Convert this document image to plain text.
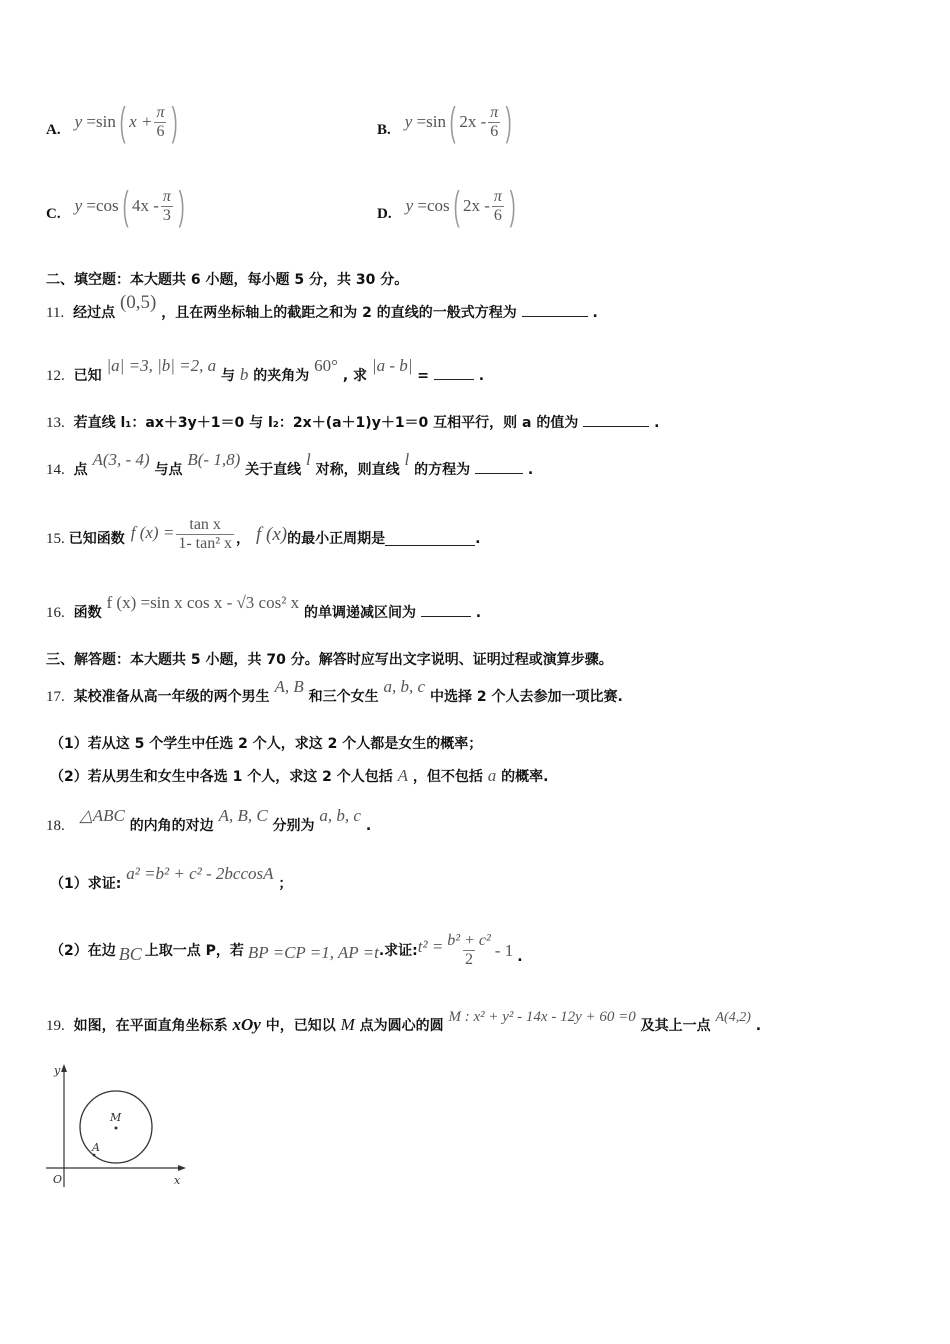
A. y =sin ( $x + \frac{\pi}{6}$ )	B. y =sin ( $2x - \frac{\pi}{6}$ )
C. y =cos ( $4x - \frac{\pi}{3}$ )	D. y =cos ( $2x - \frac{\pi}{6}$ )
二、填空题：本大题共 6 小题，每小题 5 分，共 30 分。
11. 经过点 (0,5) ，且在两坐标轴上的截距之和为 2 的直线的一般式方程为	.
12. 已知 |a| =3, |b| =2, a 与 b 的夹角为 60° , 求 |a - b| =	.
13. 若直线 l₁：ax＋3y＋1＝0 与 l₂：2x＋(a＋1)y＋1＝0 互相平行，则 a 的值为	.
14. 点 A(3, - 4) 与点 B(- 1,8) 关于直线 l 对称，则直线 l 的方程为	.
15. 已知函数 f $(x) = \frac{\text{tan x}}{\text{1- tan² x}}$ ， f (x) 的最小正周期是	.
16. 函数 f (x) =sin x cos x - √3 cos² x 的单调递减区间为	.
三、解答题：本大题共 5 小题，共 70 分。解答时应写出文字说明、证明过程或演算步骤。
17. 某校准备从高一年级的两个男生 A, B 和三个女生 a, b, c 中选择 2 个人去参加一项比赛.
（1）若从这 5 个学生中任选 2 个人，求这 2 个人都是女生的概率；
（2）若从男生和女生中各选 1 个人，求这 2 个人包括 A ，但不包括 a 的概率.
18. △ABC 的内角的对边 A, B, C 分别为 a, b, c .
（1）求证: a² =b² + c² - 2bccosA ；
（2）在边 BC 上取一点 P，若 BP =CP =1, AP =t .求证: $t^2 = \frac{\text{b² + c²}}{2} - 1$ .
19. 如图，在平面直角坐标系 xOy 中，已知以 M 点为圆心的圆 M : x² + y² - 14x - 12y + 60 =0 及其上一点 A(4,2) .
y
x
O
M
A
